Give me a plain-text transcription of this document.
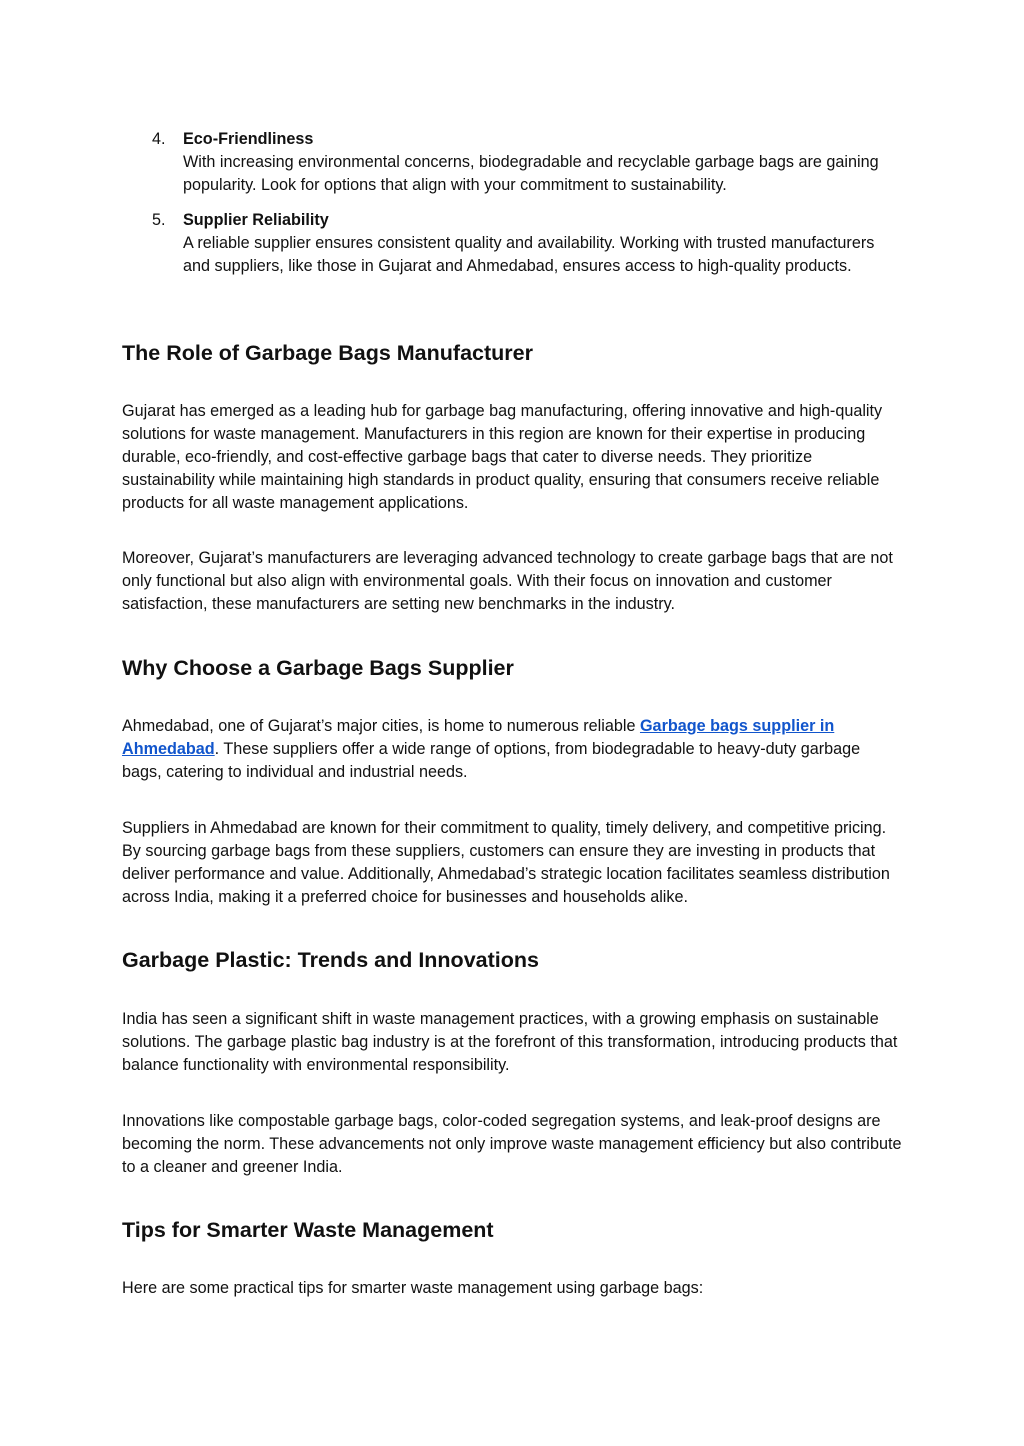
4. Eco-Friendliness
With increasing environmental concerns, biodegradable and recyclable garbage bags are gaining popularity. Look for options that align with your commitment to sustainability.
5. Supplier Reliability
A reliable supplier ensures consistent quality and availability. Working with trusted manufacturers and suppliers, like those in Gujarat and Ahmedabad, ensures access to high-quality products.
The Role of Garbage Bags Manufacturer

Gujarat has emerged as a leading hub for garbage bag manufacturing, offering innovative and high-quality solutions for waste management. Manufacturers in this region are known for their expertise in producing durable, eco-friendly, and cost-effective garbage bags that cater to diverse needs. They prioritize sustainability while maintaining high standards in product quality, ensuring that consumers receive reliable products for all waste management applications.

Moreover, Gujarat’s manufacturers are leveraging advanced technology to create garbage bags that are not only functional but also align with environmental goals. With their focus on innovation and customer satisfaction, these manufacturers are setting new benchmarks in the industry.

Why Choose a Garbage Bags Supplier

Ahmedabad, one of Gujarat’s major cities, is home to numerous reliable Garbage bags supplier in Ahmedabad. These suppliers offer a wide range of options, from biodegradable to heavy-duty garbage bags, catering to individual and industrial needs.

Suppliers in Ahmedabad are known for their commitment to quality, timely delivery, and competitive pricing. By sourcing garbage bags from these suppliers, customers can ensure they are investing in products that deliver performance and value. Additionally, Ahmedabad’s strategic location facilitates seamless distribution across India, making it a preferred choice for businesses and households alike.

Garbage Plastic: Trends and Innovations

India has seen a significant shift in waste management practices, with a growing emphasis on sustainable solutions. The garbage plastic bag industry is at the forefront of this transformation, introducing products that balance functionality with environmental responsibility.

Innovations like compostable garbage bags, color-coded segregation systems, and leak-proof designs are becoming the norm. These advancements not only improve waste management efficiency but also contribute to a cleaner and greener India.

Tips for Smarter Waste Management

Here are some practical tips for smarter waste management using garbage bags:
